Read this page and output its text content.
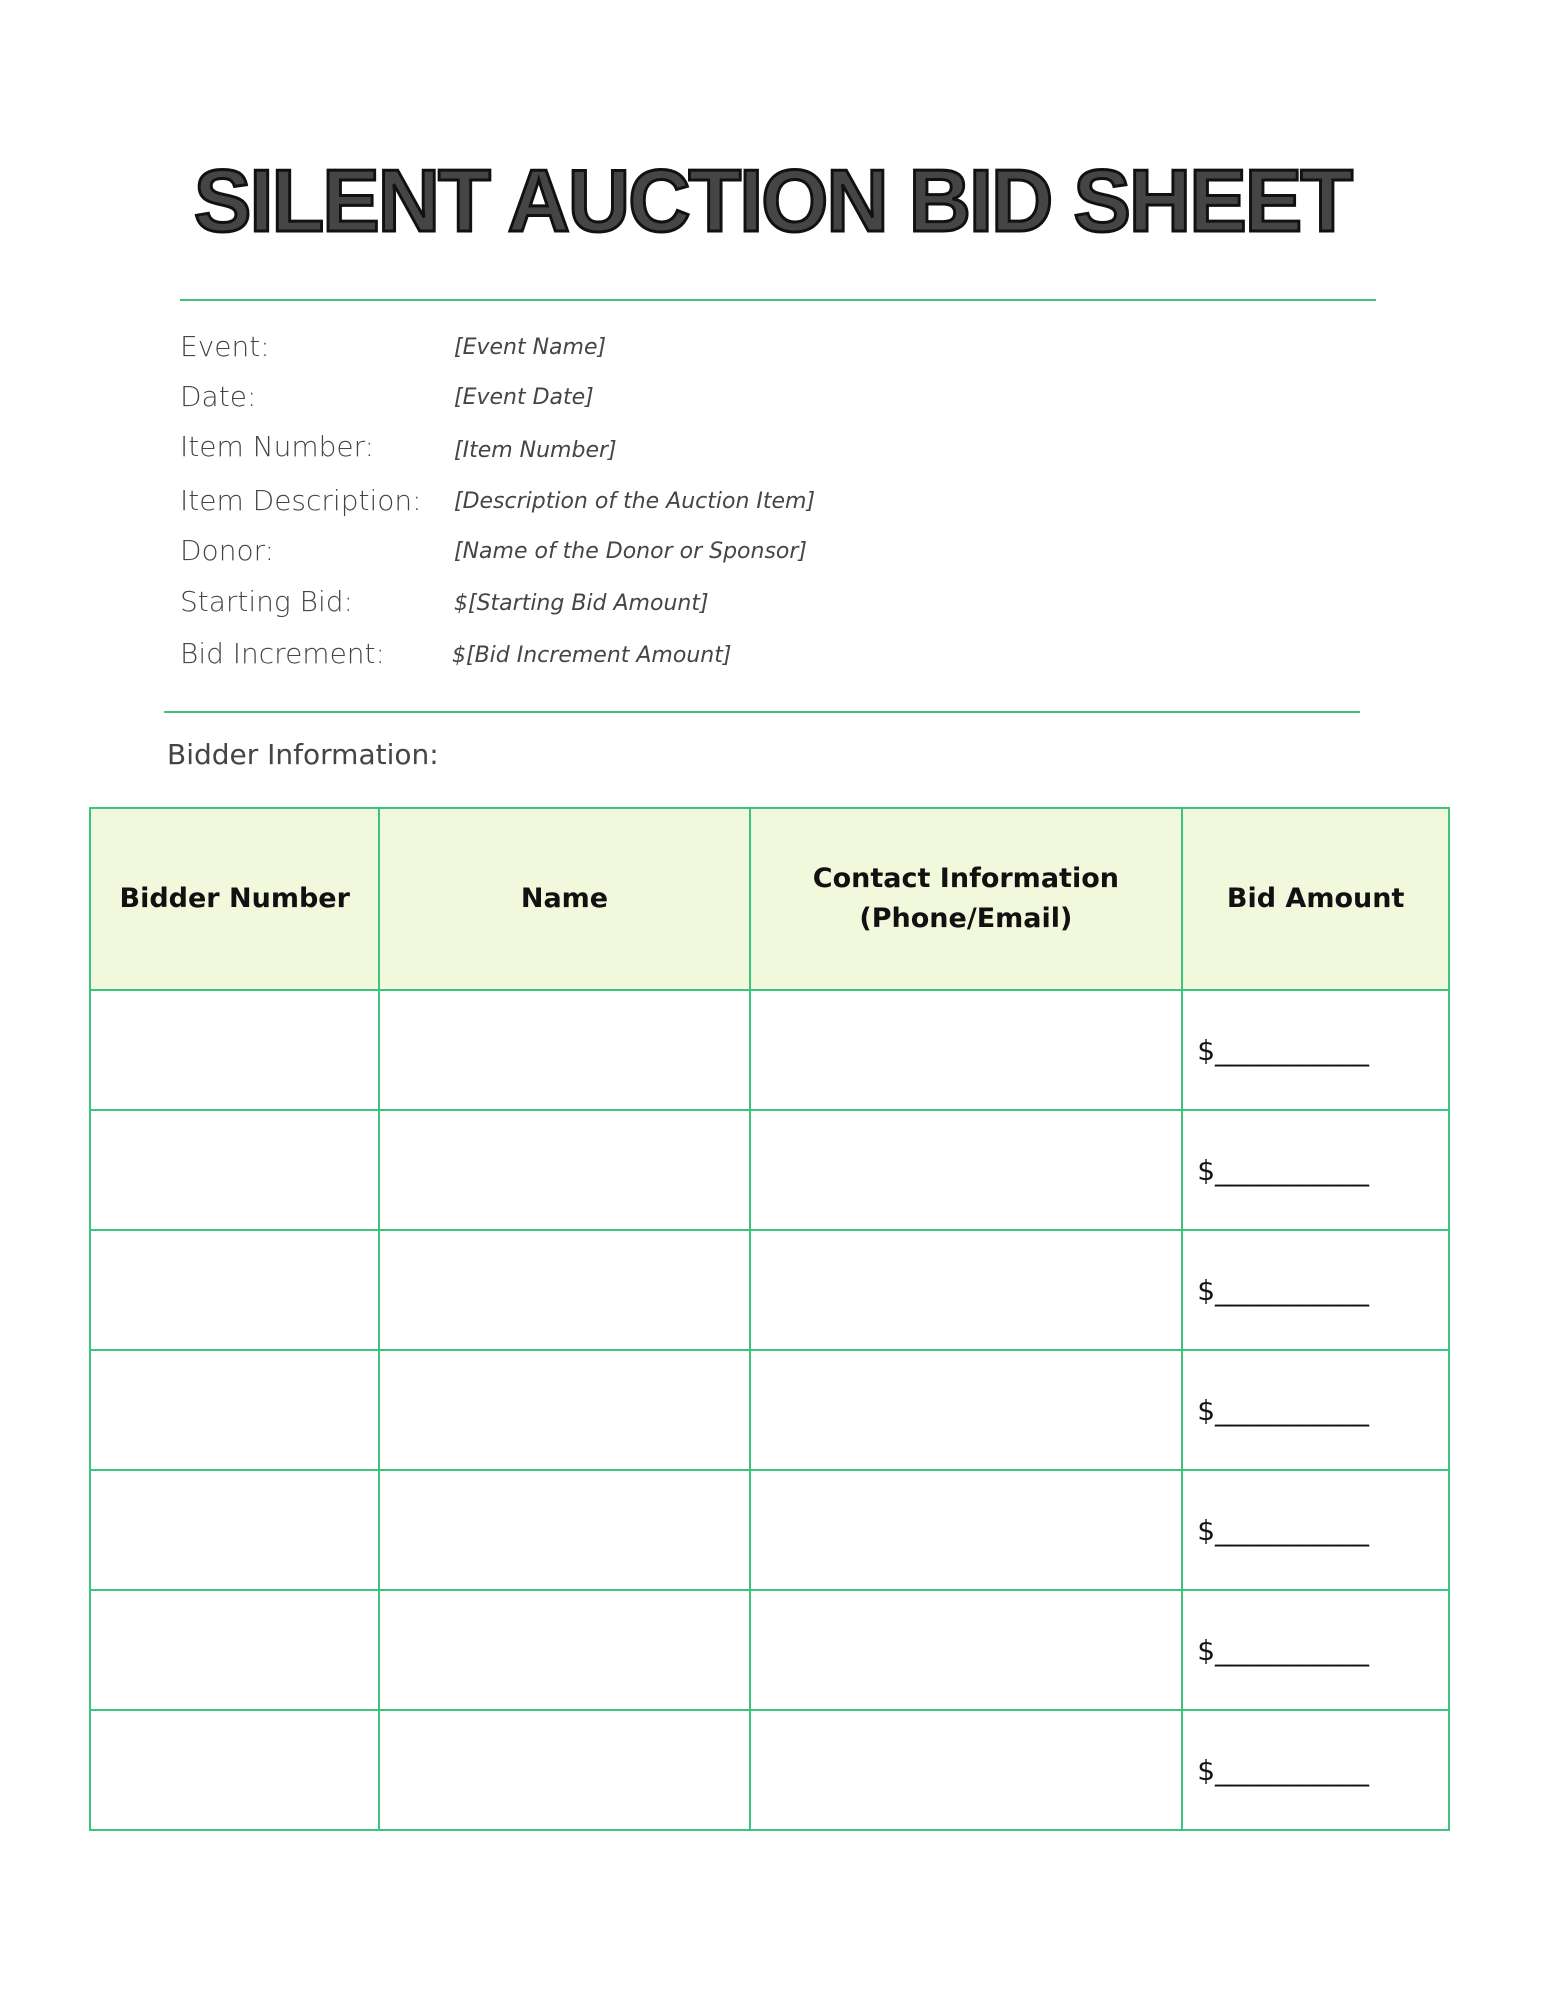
SILENT AUCTION BID SHEET
Event:	[Event Name]
Date:	[Event Date]
Item Number:	[Item Number]
Item Description: [Description of the Auction Item]
Donor:	[Name of the Donor or Sponsor]
Starting Bid:	$[Starting Bid Amount]
Bid Increment:	$[Bid Increment Amount]
Bidder Information:
Bidder Number	Name	Contact Information (Phone/Email)	Bid Amount
			$___________
			$___________
			$___________
			$___________
			$___________
			$___________
			$___________
